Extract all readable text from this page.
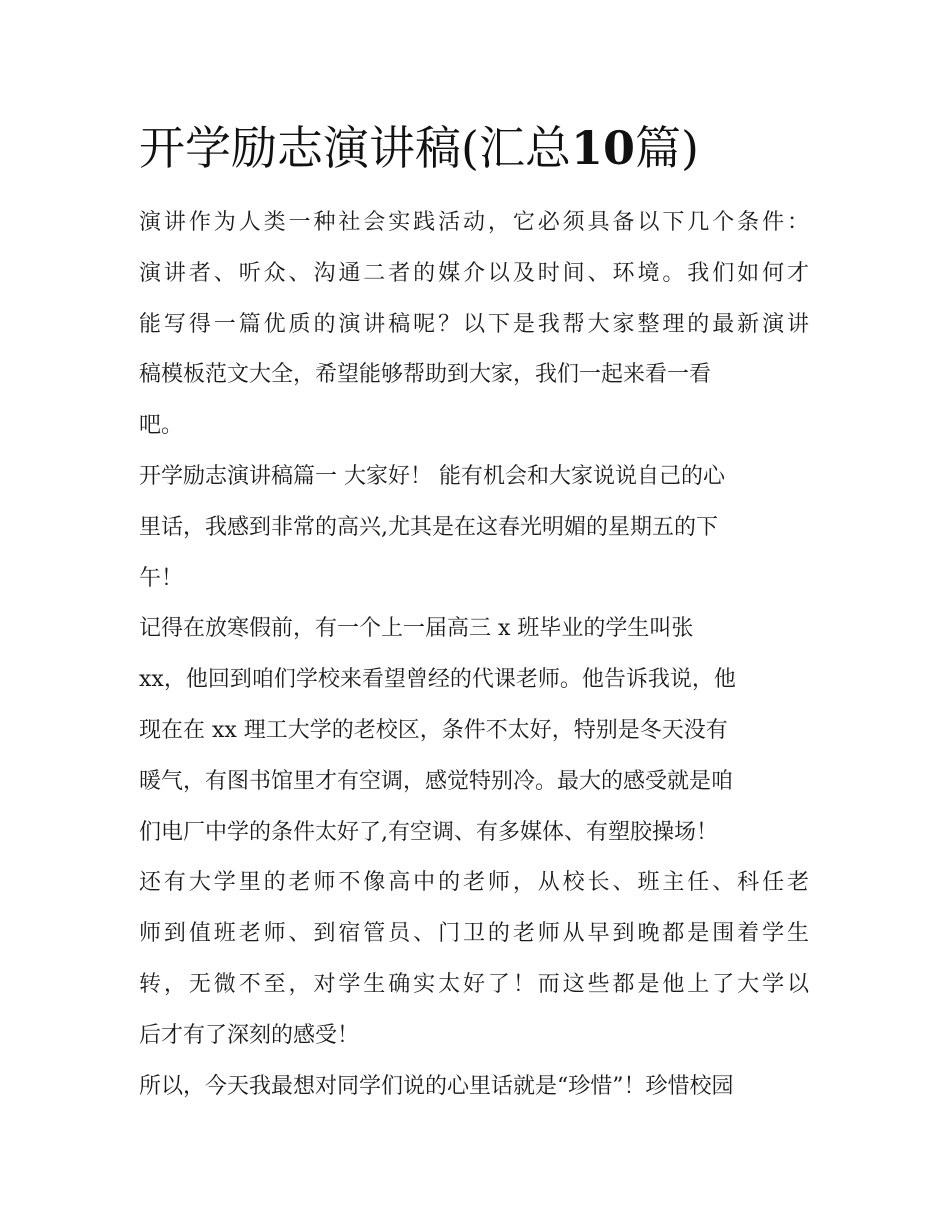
开学励志演讲稿(汇总10篇)
演讲作为人类一种社会实践活动，它必须具备以下几个条件：
演讲者、听众、沟通二者的媒介以及时间、环境。我们如何才
能写得一篇优质的演讲稿呢？以下是我帮大家整理的最新演讲
稿模板范文大全，希望能够帮助到大家，我们一起来看一看
吧。
开学励志演讲稿篇一 大家好！ 能有机会和大家说说自己的心
里话，我感到非常的高兴,尤其是在这春光明媚的星期五的下
午！
记得在放寒假前，有一个上一届高三 x 班毕业的学生叫张
xx，他回到咱们学校来看望曾经的代课老师。他告诉我说，他
现在在 xx 理工大学的老校区，条件不太好，特别是冬天没有
暖气，有图书馆里才有空调，感觉特别冷。最大的感受就是咱
们电厂中学的条件太好了,有空调、有多媒体、有塑胶操场！
还有大学里的老师不像高中的老师，从校长、班主任、科任老
师到值班老师、到宿管员、门卫的老师从早到晚都是围着学生
转，无微不至，对学生确实太好了！而这些都是他上了大学以
后才有了深刻的感受！
所以，今天我最想对同学们说的心里话就是“珍惜”！珍惜校园
